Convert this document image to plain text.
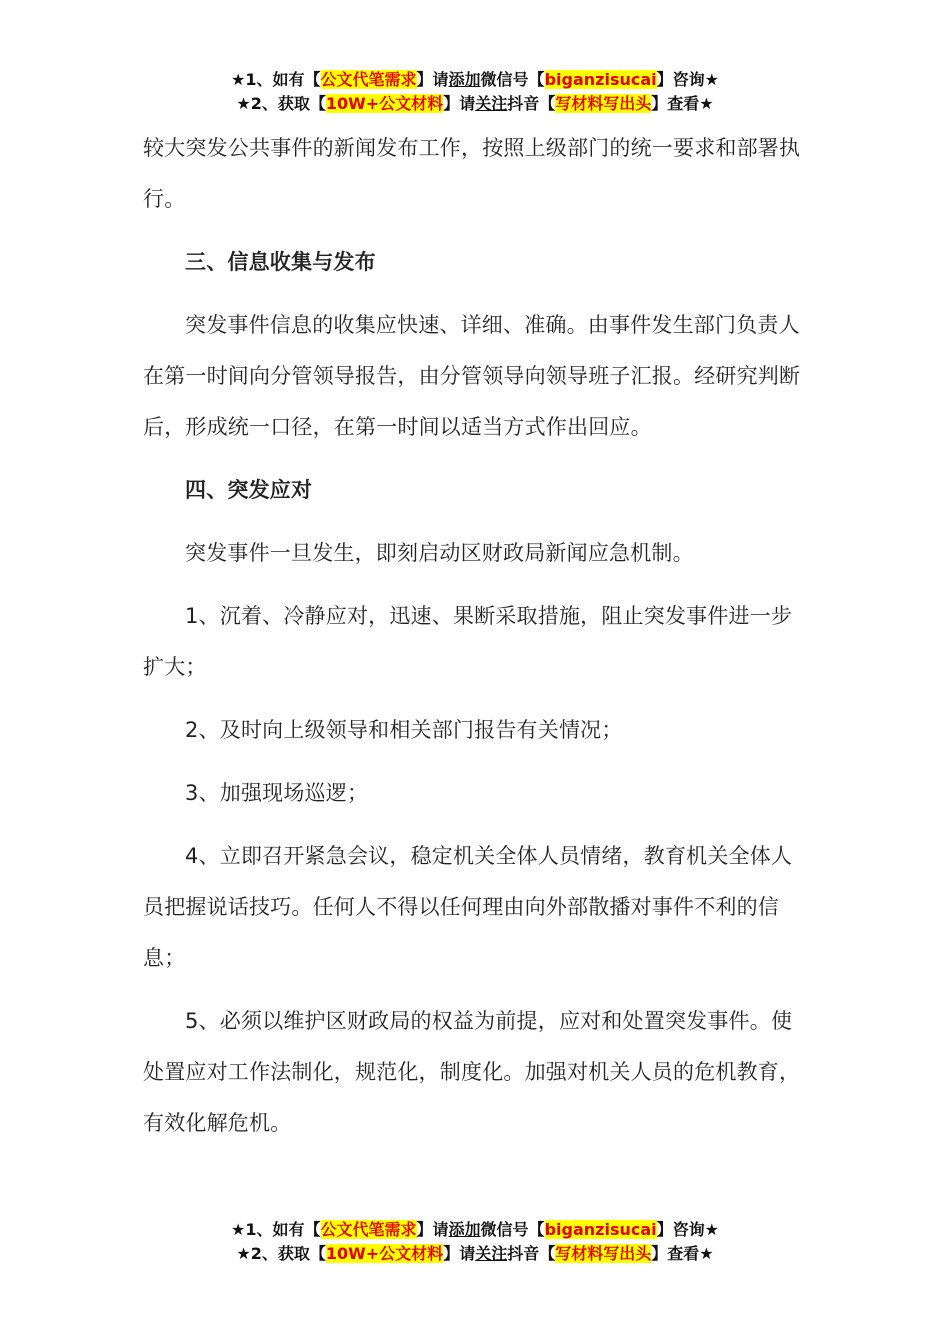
★1、如有【公文代笔需求】请添加微信号【biganzisucai】咨询★
★2、获取【10W+公文材料】请关注抖音【写材料写出头】查看★

较大突发公共事件的新闻发布工作，按照上级部门的统一要求和部署执行。

三、信息收集与发布

突发事件信息的收集应快速、详细、准确。由事件发生部门负责人在第一时间向分管领导报告，由分管领导向领导班子汇报。经研究判断后，形成统一口径，在第一时间以适当方式作出回应。

四、突发应对

突发事件一旦发生，即刻启动区财政局新闻应急机制。

1、沉着、冷静应对，迅速、果断采取措施，阻止突发事件进一步扩大；

2、及时向上级领导和相关部门报告有关情况；

3、加强现场巡逻；

4、立即召开紧急会议，稳定机关全体人员情绪，教育机关全体人员把握说话技巧。任何人不得以任何理由向外部散播对事件不利的信息；

5、必须以维护区财政局的权益为前提，应对和处置突发事件。使处置应对工作法制化，规范化，制度化。加强对机关人员的危机教育，有效化解危机。

★1、如有【公文代笔需求】请添加微信号【biganzisucai】咨询★
★2、获取【10W+公文材料】请关注抖音【写材料写出头】查看★
